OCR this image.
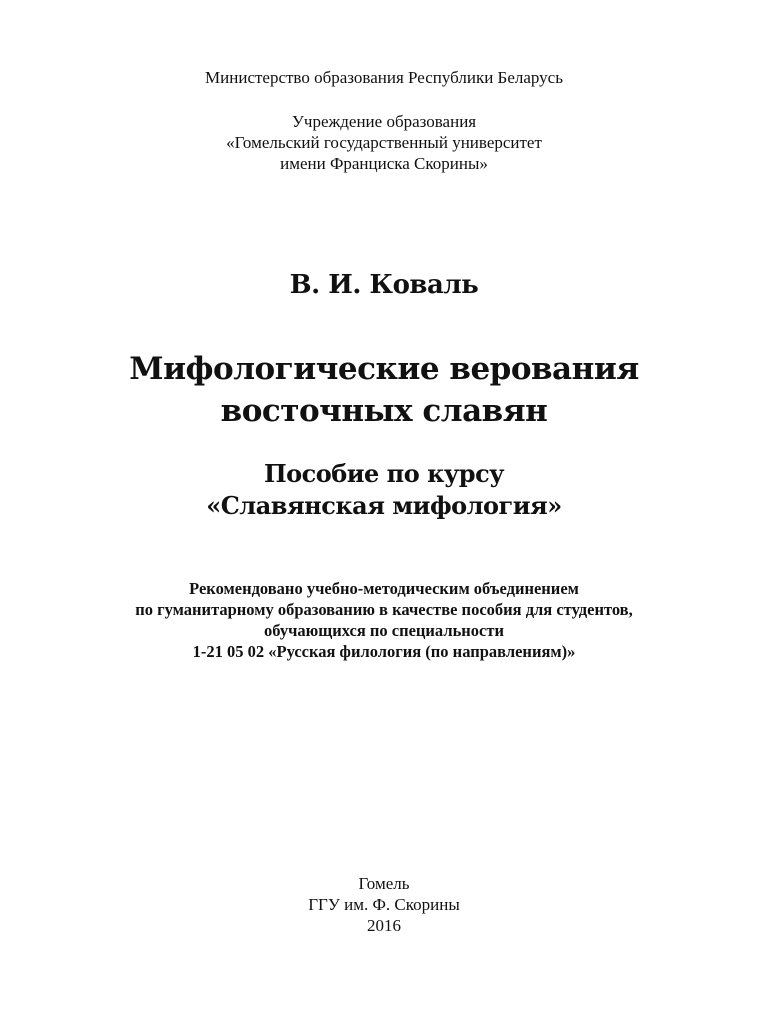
Министерство образования Республики Беларусь
Учреждение образования
«Гомельский государственный университет
имени Франциска Скорины»
В. И. Коваль
Мифологические верования
восточных славян
Пособие по курсу
«Славянская мифология»
Рекомендовано учебно-методическим объединением
по гуманитарному образованию в качестве пособия для студентов,
обучающихся по специальности
1-21 05 02 «Русская филология (по направлениям)»
Гомель
ГГУ им. Ф. Скорины
2016
